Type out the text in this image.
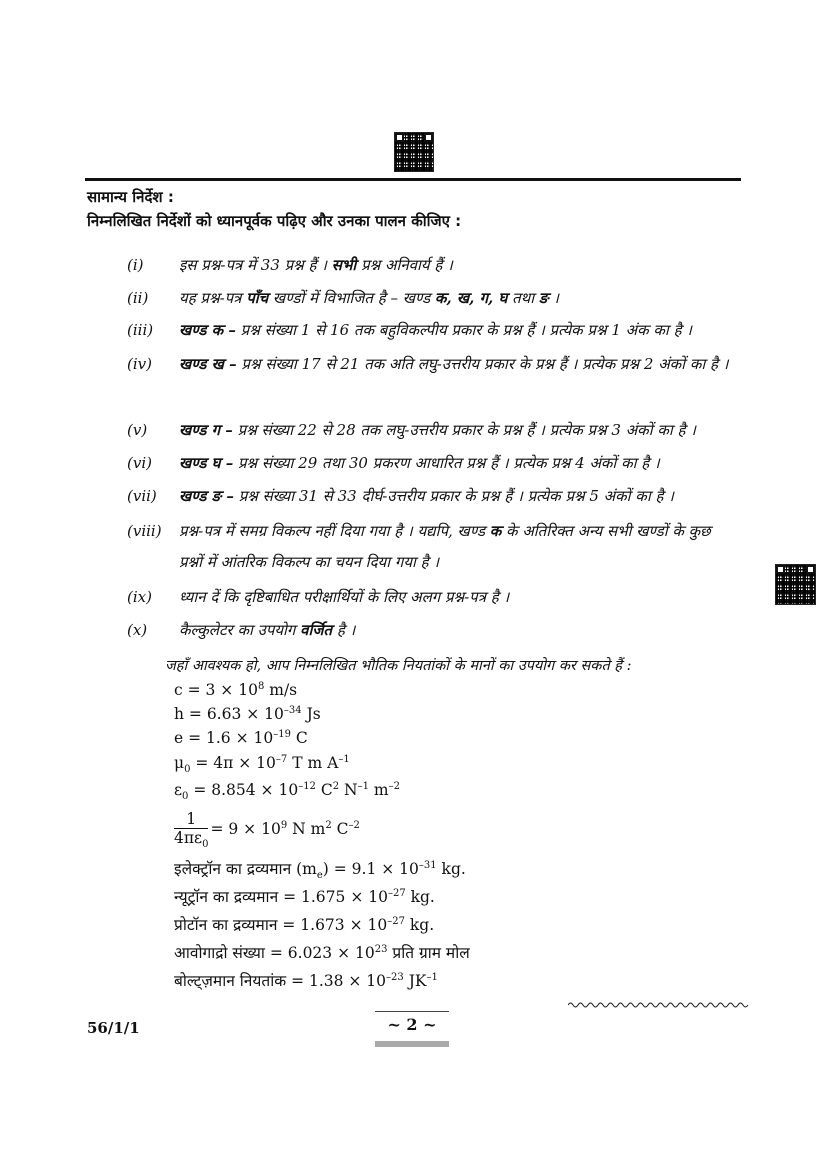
सामान्य निर्देश :
निम्नलिखित निर्देशों को ध्यानपूर्वक पढ़िए और उनका पालन कीजिए :
(i) इस प्रश्न-पत्र में 33 प्रश्न हैं । सभी प्रश्न अनिवार्य हैं ।
(ii) यह प्रश्न-पत्र पाँच खण्डों में विभाजित है – खण्ड क, ख, ग, घ तथा ङ ।
(iii) खण्ड क – प्रश्न संख्या 1 से 16 तक बहुविकल्पीय प्रकार के प्रश्न हैं । प्रत्येक प्रश्न 1 अंक का है ।
(iv) खण्ड ख – प्रश्न संख्या 17 से 21 तक अति लघु-उत्तरीय प्रकार के प्रश्न हैं । प्रत्येक प्रश्न 2 अंकों का है ।
(v) खण्ड ग – प्रश्न संख्या 22 से 28 तक लघु-उत्तरीय प्रकार के प्रश्न हैं । प्रत्येक प्रश्न 3 अंकों का है ।
(vi) खण्ड घ – प्रश्न संख्या 29 तथा 30 प्रकरण आधारित प्रश्न हैं । प्रत्येक प्रश्न 4 अंकों का है ।
(vii) खण्ड ङ – प्रश्न संख्या 31 से 33 दीर्घ-उत्तरीय प्रकार के प्रश्न हैं । प्रत्येक प्रश्न 5 अंकों का है ।
(viii) प्रश्न-पत्र में समग्र विकल्प नहीं दिया गया है । यद्यपि, खण्ड क के अतिरिक्त अन्य सभी खण्डों के कुछ प्रश्नों में आंतरिक विकल्प का चयन दिया गया है ।
(ix) ध्यान दें कि दृष्टिबाधित परीक्षार्थियों के लिए अलग प्रश्न-पत्र है ।
(x) कैल्कुलेटर का उपयोग वर्जित है ।
जहाँ आवश्यक हो, आप निम्नलिखित भौतिक नियतांकों के मानों का उपयोग कर सकते हैं :
$c = 3 \times 10^8$ m/s
$h = 6.63 \times 10^{-34}$ Js
$e = 1.6 \times 10^{-19}$ C
$\mu_0 = 4\pi \times 10^{-7}$ T m $A^{-1}$
$\varepsilon_0 = 8.854 \times 10^{-12}$ $C^2$ $N^{-1}$ $m^{-2}$
$\frac{1}{4\pi\varepsilon_0} = 9 \times 10^9$ N $m^2$ $C^{-2}$
इलेक्ट्रॉन का द्रव्यमान $(m_e) = 9.1 \times 10^{-31}$ kg.
न्यूट्रॉन का द्रव्यमान = $1.675 \times 10^{-27}$ kg.
प्रोटॉन का द्रव्यमान = $1.673 \times 10^{-27}$ kg.
आवोगाद्रो संख्या = $6.023 \times 10^{23}$ प्रति ग्राम मोल
बोल्ट्ज़मान नियतांक = $1.38 \times 10^{-23}$ $JK^{-1}$
56/1/1	~ 2 ~
